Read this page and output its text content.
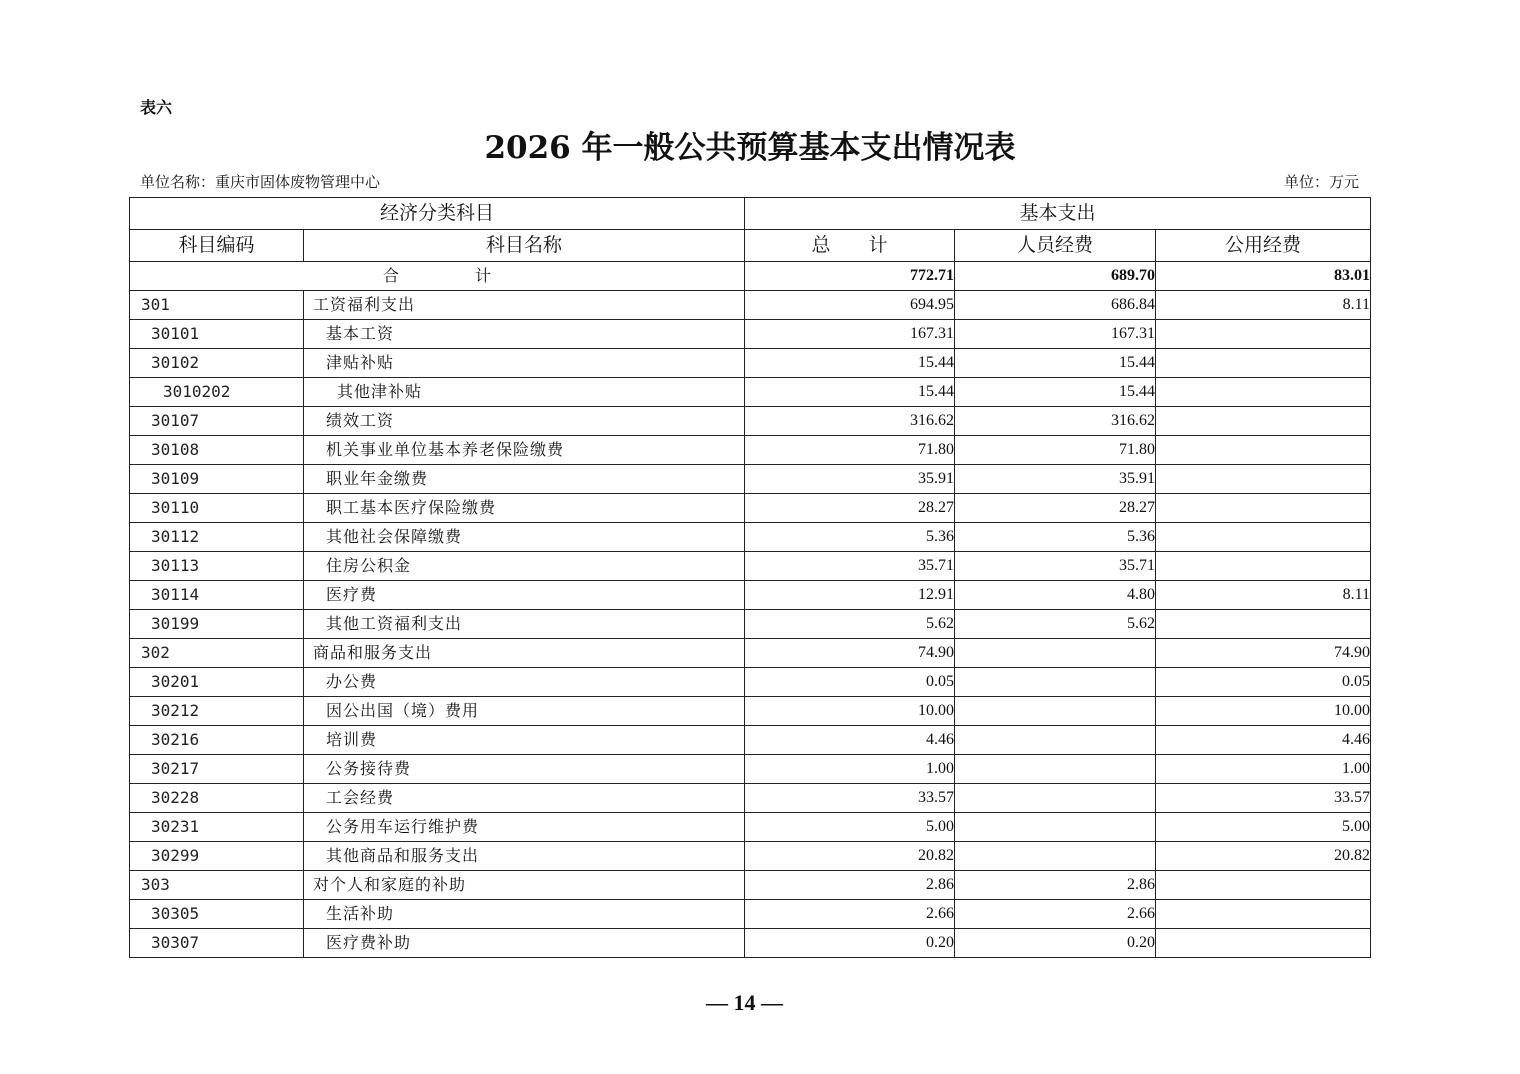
表六
2026 年一般公共预算基本支出情况表
单位名称：重庆市固体废物管理中心	单位：万元
经济分类科目		基本支出		
科目编码	科目名称	总　　计	人员经费	公用经费
合　计		772.71	689.70	83.01
301	工资福利支出	694.95	686.84	8.11
30101	基本工资	167.31	167.31	
30102	津贴补贴	15.44	15.44	
3010202	其他津补贴	15.44	15.44	
30107	绩效工资	316.62	316.62	
30108	机关事业单位基本养老保险缴费	71.80	71.80	
30109	职业年金缴费	35.91	35.91	
30110	职工基本医疗保险缴费	28.27	28.27	
30112	其他社会保障缴费	5.36	5.36	
30113	住房公积金	35.71	35.71	
30114	医疗费	12.91	4.80	8.11
30199	其他工资福利支出	5.62	5.62	
302	商品和服务支出	74.90		74.90
30201	办公费	0.05		0.05
30212	因公出国（境）费用	10.00		10.00
30216	培训费	4.46		4.46
30217	公务接待费	1.00		1.00
30228	工会经费	33.57		33.57
30231	公务用车运行维护费	5.00		5.00
30299	其他商品和服务支出	20.82		20.82
303	对个人和家庭的补助	2.86	2.86	
30305	生活补助	2.66	2.66	
30307	医疗费补助	0.20	0.20	
— 14 —
